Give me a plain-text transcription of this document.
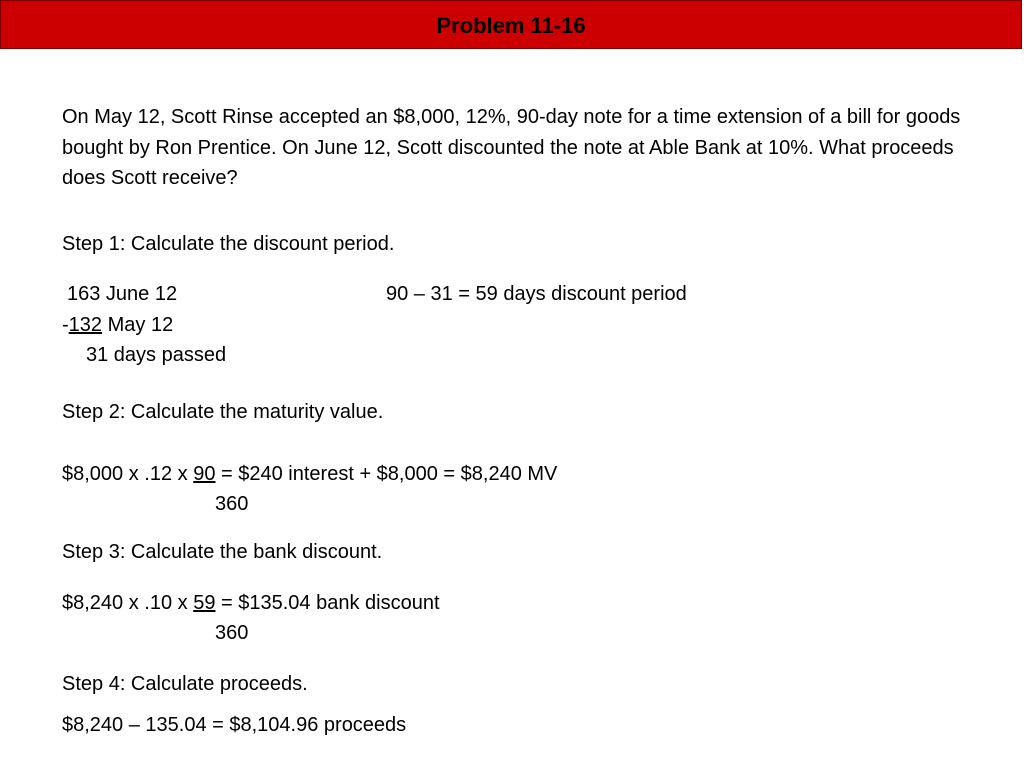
Problem 11-16
On May 12, Scott Rinse accepted an $8,000, 12%, 90-day note for a time extension of a bill for goods bought by Ron Prentice. On June 12, Scott discounted the note at Able Bank at 10%. What proceeds does Scott receive?
Step 1: Calculate the discount period.
163 June 12	90 – 31 = 59 days discount period
-132 May 12
31 days passed
Step 2: Calculate the maturity value.
$8,000 x .12 x 90 = $240 interest + $8,000 = $8,240 MV
360
Step 3: Calculate the bank discount.
$8,240 x .10 x 59 = $135.04 bank discount
360
Step 4: Calculate proceeds.
$8,240 – 135.04 = $8,104.96 proceeds
